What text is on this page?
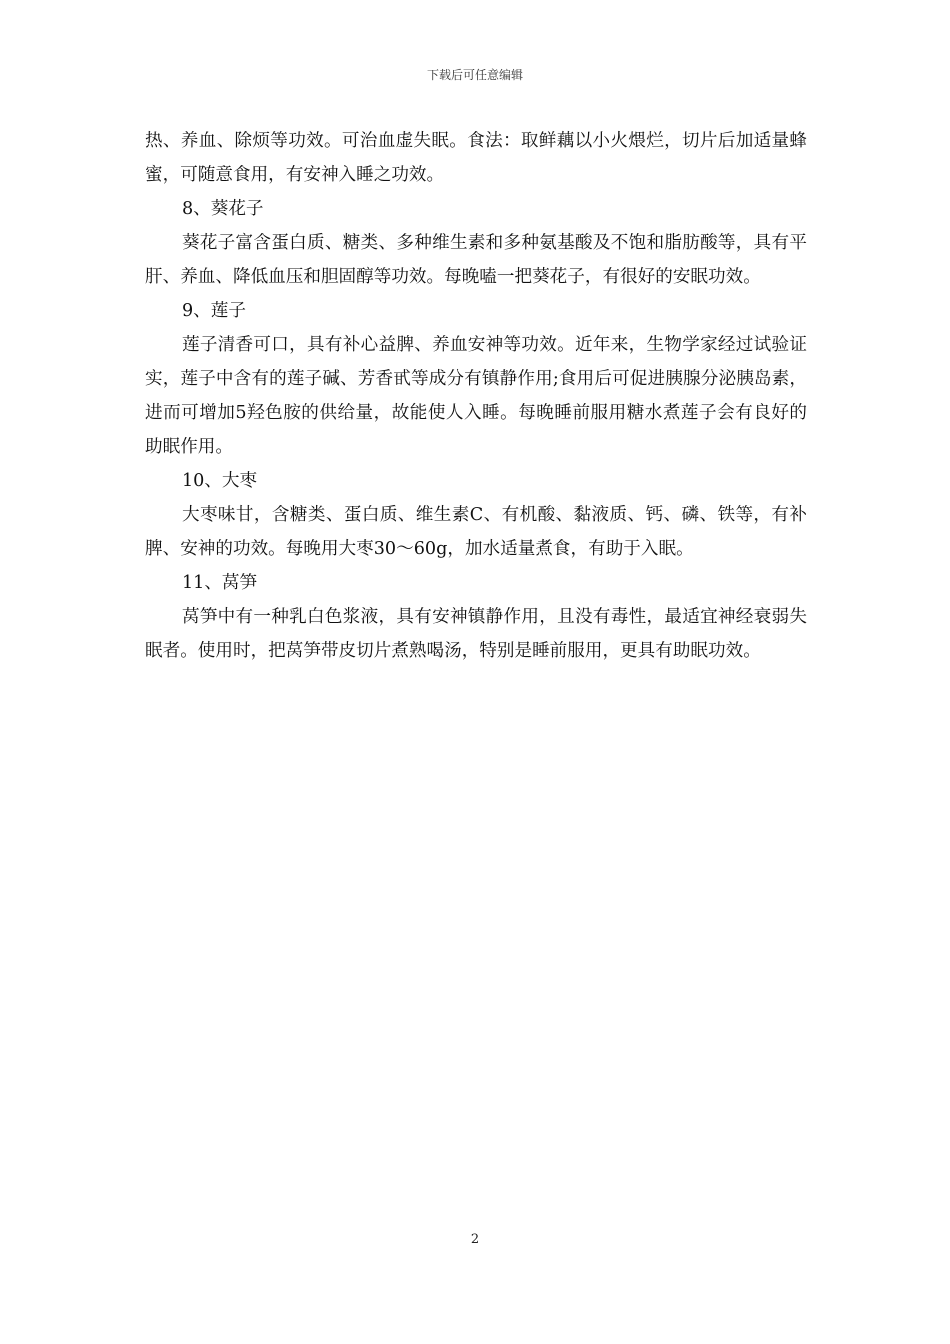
下载后可任意编辑

热、养血、除烦等功效。可治血虚失眠。食法：取鲜藕以小火煨烂，切片后加适量蜂蜜，可随意食用，有安神入睡之功效。

8、葵花子

葵花子富含蛋白质、糖类、多种维生素和多种氨基酸及不饱和脂肪酸等，具有平肝、养血、降低血压和胆固醇等功效。每晚嗑一把葵花子，有很好的安眠功效。

9、莲子

莲子清香可口，具有补心益脾、养血安神等功效。近年来，生物学家经过试验证实，莲子中含有的莲子碱、芳香甙等成分有镇静作用;食用后可促进胰腺分泌胰岛素，进而可增加5羟色胺的供给量，故能使人入睡。每晚睡前服用糖水煮莲子会有良好的助眠作用。

10、大枣

大枣味甘，含糖类、蛋白质、维生素C、有机酸、黏液质、钙、磷、铁等，有补脾、安神的功效。每晚用大枣30～60g，加水适量煮食，有助于入眠。

11、莴笋

莴笋中有一种乳白色浆液，具有安神镇静作用，且没有毒性，最适宜神经衰弱失眠者。使用时，把莴笋带皮切片煮熟喝汤，特别是睡前服用，更具有助眠功效。

2
